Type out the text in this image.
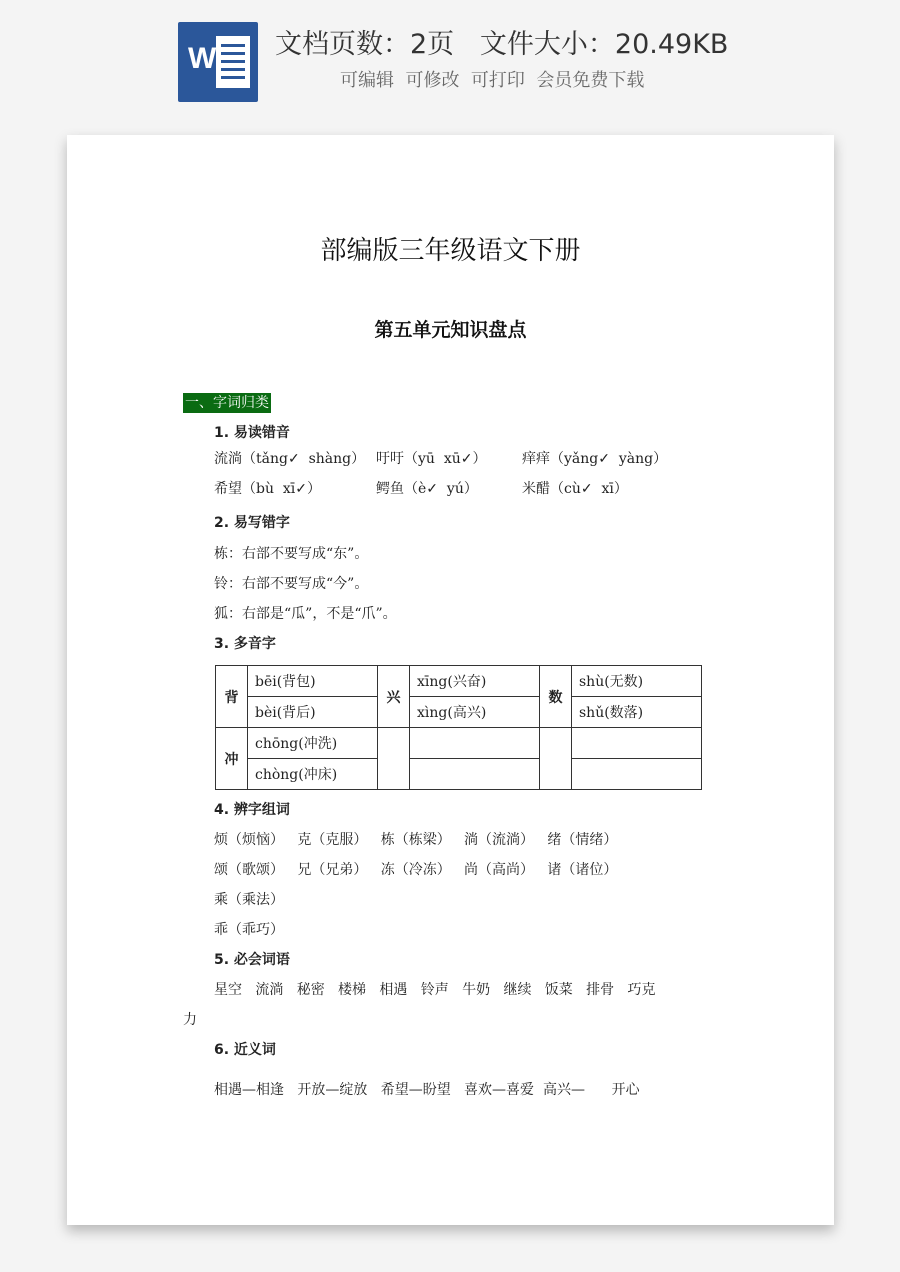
W 文档页数：2页   文件大小：20.49KB
可编辑  可修改  可打印  会员免费下载
部编版三年级语文下册
第五单元知识盘点
一、字词归类
1. 易读错音
流淌（tǎng✓  shàng） 吁吁（yū  xū✓）	痒痒（yǎng✓  yàng）
希望（bù  xī✓）	鳄鱼（è✓  yú）	米醋（cù✓  xī）
2. 易写错字
栋：右部不要写成“东”。
铃：右部不要写成“今”。
狐：右部是“瓜”，不是“爪”。
3. 多音字
背	bēi(背包)	兴	xīng(兴奋)	数	shù(无数)
	bèi(背后)		xìng(高兴)		shǔ(数落)
冲	chōng(冲洗)				
	chòng(冲床)				
4. 辨字组词
烦（烦恼）   克（克服）   栋（栋梁）   淌（流淌）   绪（情绪）
颂（歌颂）   兄（兄弟）   冻（冷冻）   尚（高尚）   诸（诸位）
乘（乘法）
乖（乖巧）
5. 必会词语
星空   流淌   秘密   楼梯   相遇   铃声   牛奶   继续   饭菜   排骨   巧克
力
6. 近义词
相遇—相逢   开放—绽放   希望—盼望   喜欢—喜爱  高兴—      开心
